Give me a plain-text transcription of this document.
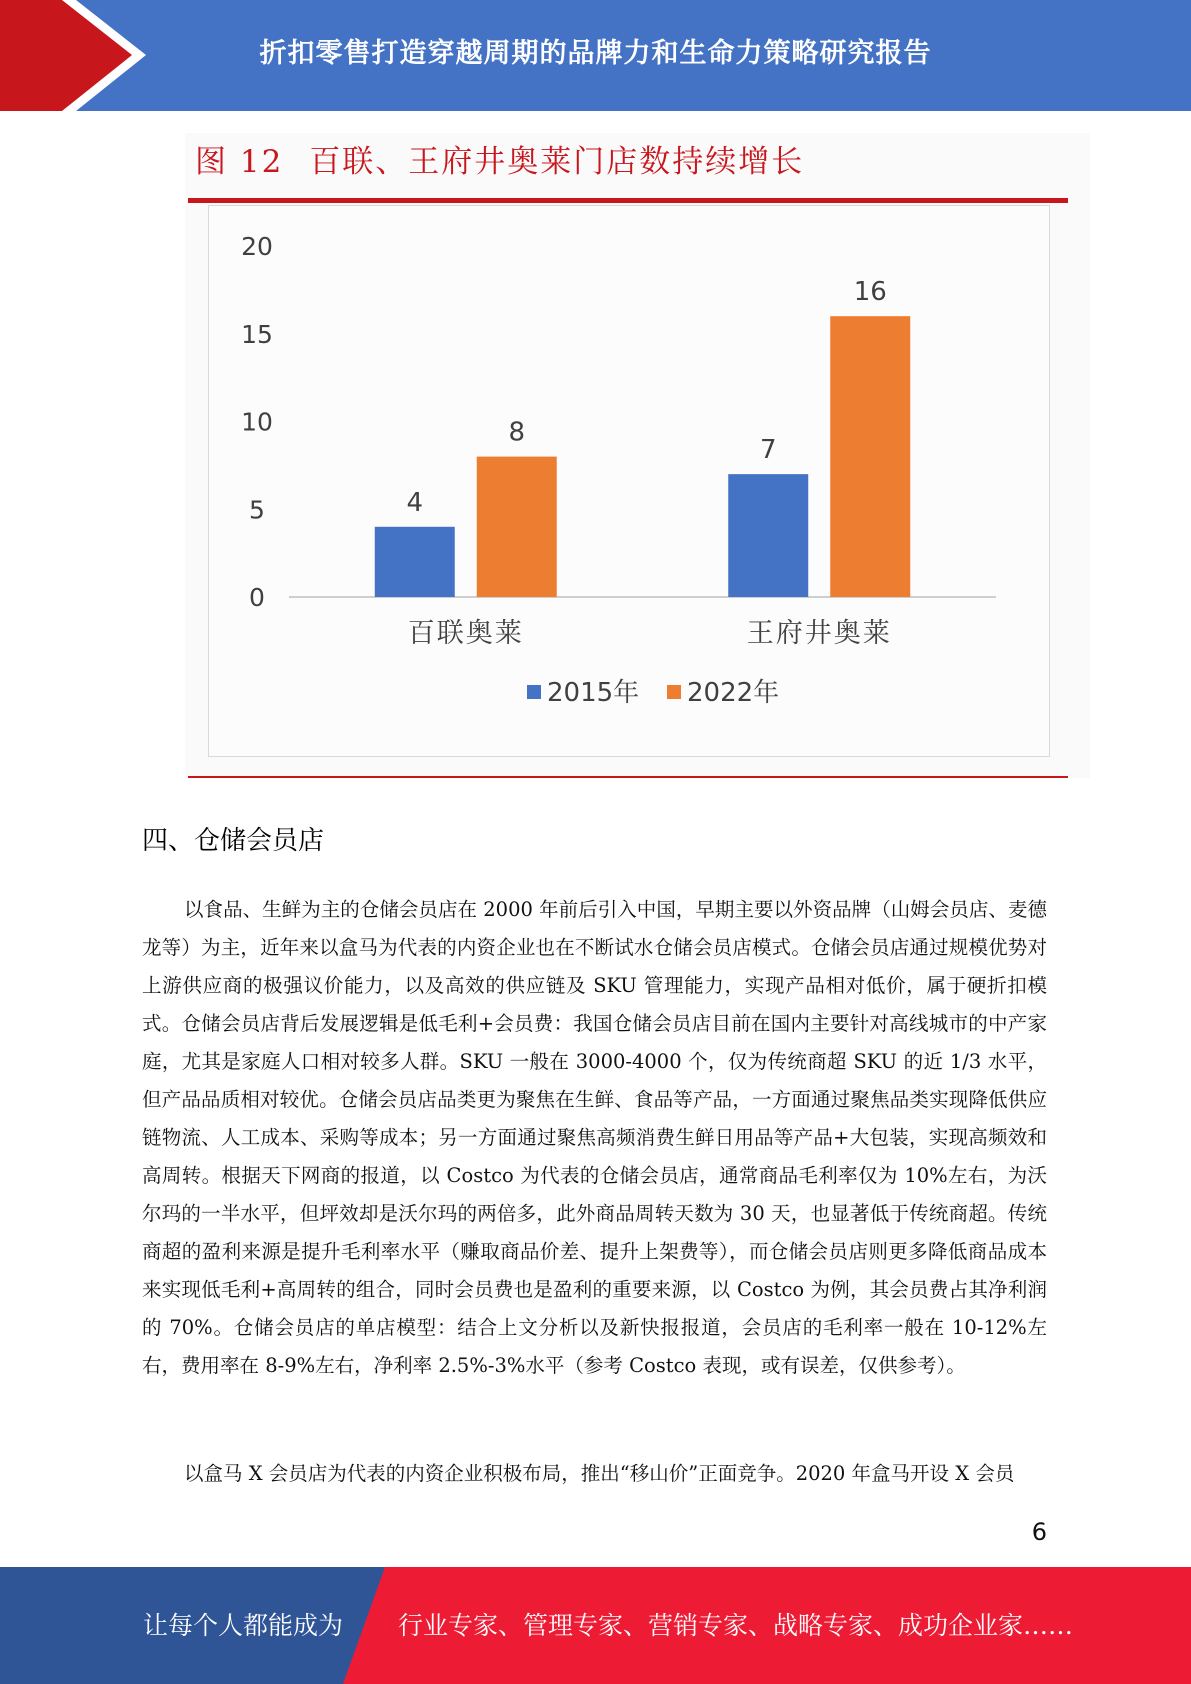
折扣零售打造穿越周期的品牌力和生命力策略研究报告
图 12 百联、王府井奥莱门店数持续增长
0
5
10
15
20
4
8
百联奥莱
7
16
王府井奥莱
2015年 2022年
四、仓储会员店

以食品、生鲜为主的仓储会员店在 2000 年前后引入中国，早期主要以外资品牌（山姆会员店、麦德龙等）为主，近年来以盒马为代表的内资企业也在不断试水仓储会员店模式。仓储会员店通过规模优势对上游供应商的极强议价能力，以及高效的供应链及 SKU 管理能力，实现产品相对低价，属于硬折扣模式。仓储会员店背后发展逻辑是低毛利+会员费：我国仓储会员店目前在国内主要针对高线城市的中产家庭，尤其是家庭人口相对较多人群。SKU 一般在 3000-4000 个，仅为传统商超 SKU 的近 1/3 水平，但产品品质相对较优。仓储会员店品类更为聚焦在生鲜、食品等产品，一方面通过聚焦品类实现降低供应链物流、人工成本、采购等成本；另一方面通过聚焦高频消费生鲜日用品等产品+大包装，实现高频效和高周转。根据天下网商的报道，以 Costco 为代表的仓储会员店，通常商品毛利率仅为 10%左右，为沃尔玛的一半水平，但坪效却是沃尔玛的两倍多，此外商品周转天数为 30 天，也显著低于传统商超。传统商超的盈利来源是提升毛利率水平（赚取商品价差、提升上架费等），而仓储会员店则更多降低商品成本来实现低毛利+高周转的组合，同时会员费也是盈利的重要来源，以 Costco 为例，其会员费占其净利润的 70%。仓储会员店的单店模型：结合上文分析以及新快报报道，会员店的毛利率一般在 10-12%左右，费用率在 8-9%左右，净利率 2.5%-3%水平（参考 Costco 表现，或有误差，仅供参考）。

以盒马 X 会员店为代表的内资企业积极布局，推出“移山价”正面竞争。2020 年盒马开设 X 会员

6
让每个人都能成为 行业专家、管理专家、营销专家、战略专家、成功企业家……
